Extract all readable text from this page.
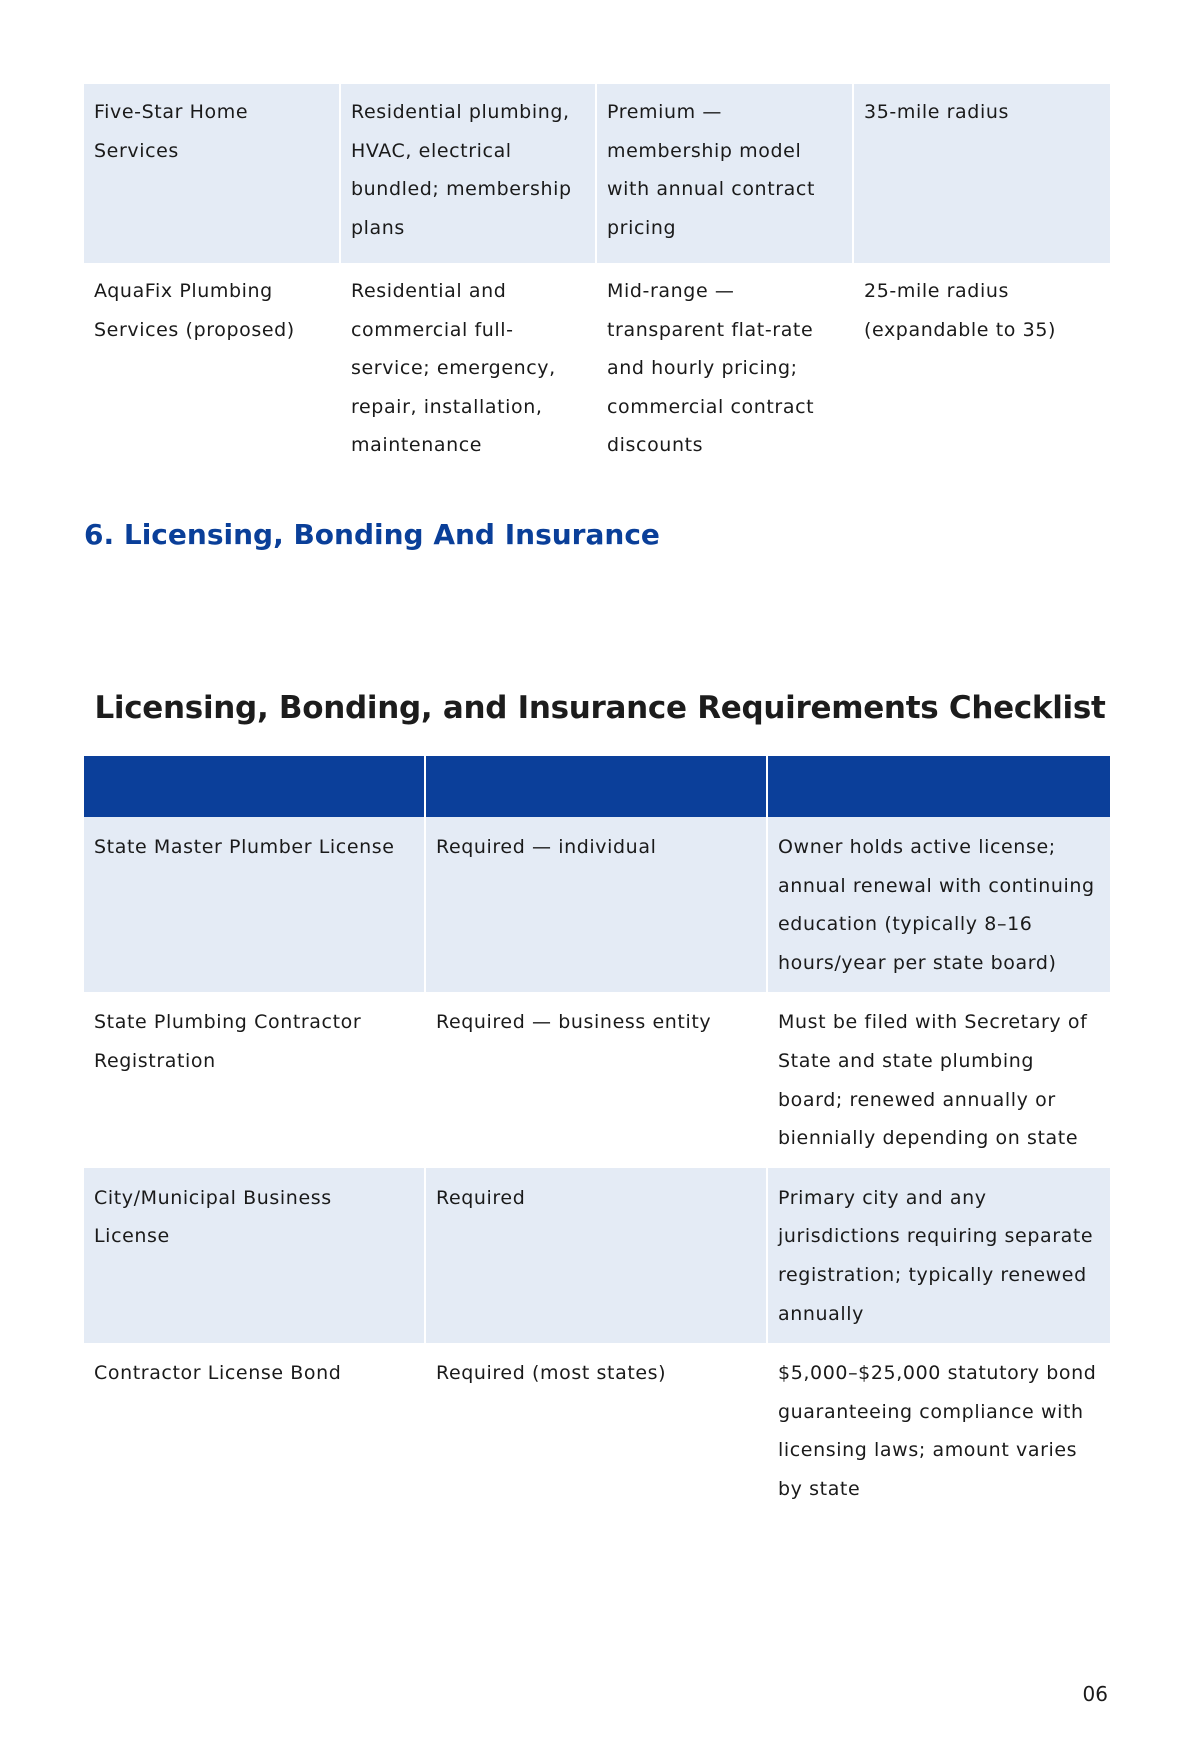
Five-Star Home Services	Residential plumbing, HVAC, electrical bundled; membership plans	Premium — membership model with annual contract pricing	35-mile radius
AquaFix Plumbing Services (proposed)	Residential and commercial full-service; emergency, repair, installation, maintenance	Mid-range — transparent flat-rate and hourly pricing; commercial contract discounts	25-mile radius (expandable to 35)
6. Licensing, Bonding And Insurance
Licensing, Bonding, and Insurance Requirements Checklist

State Master Plumber License	Required — individual	Owner holds active license; annual renewal with continuing education (typically 8–16 hours/year per state board)
State Plumbing Contractor Registration	Required — business entity	Must be filed with Secretary of State and state plumbing board; renewed annually or biennially depending on state
City/Municipal Business License	Required	Primary city and any jurisdictions requiring separate registration; typically renewed annually
Contractor License Bond	Required (most states)	$5,000–$25,000 statutory bond guaranteeing compliance with licensing laws; amount varies by state
06
